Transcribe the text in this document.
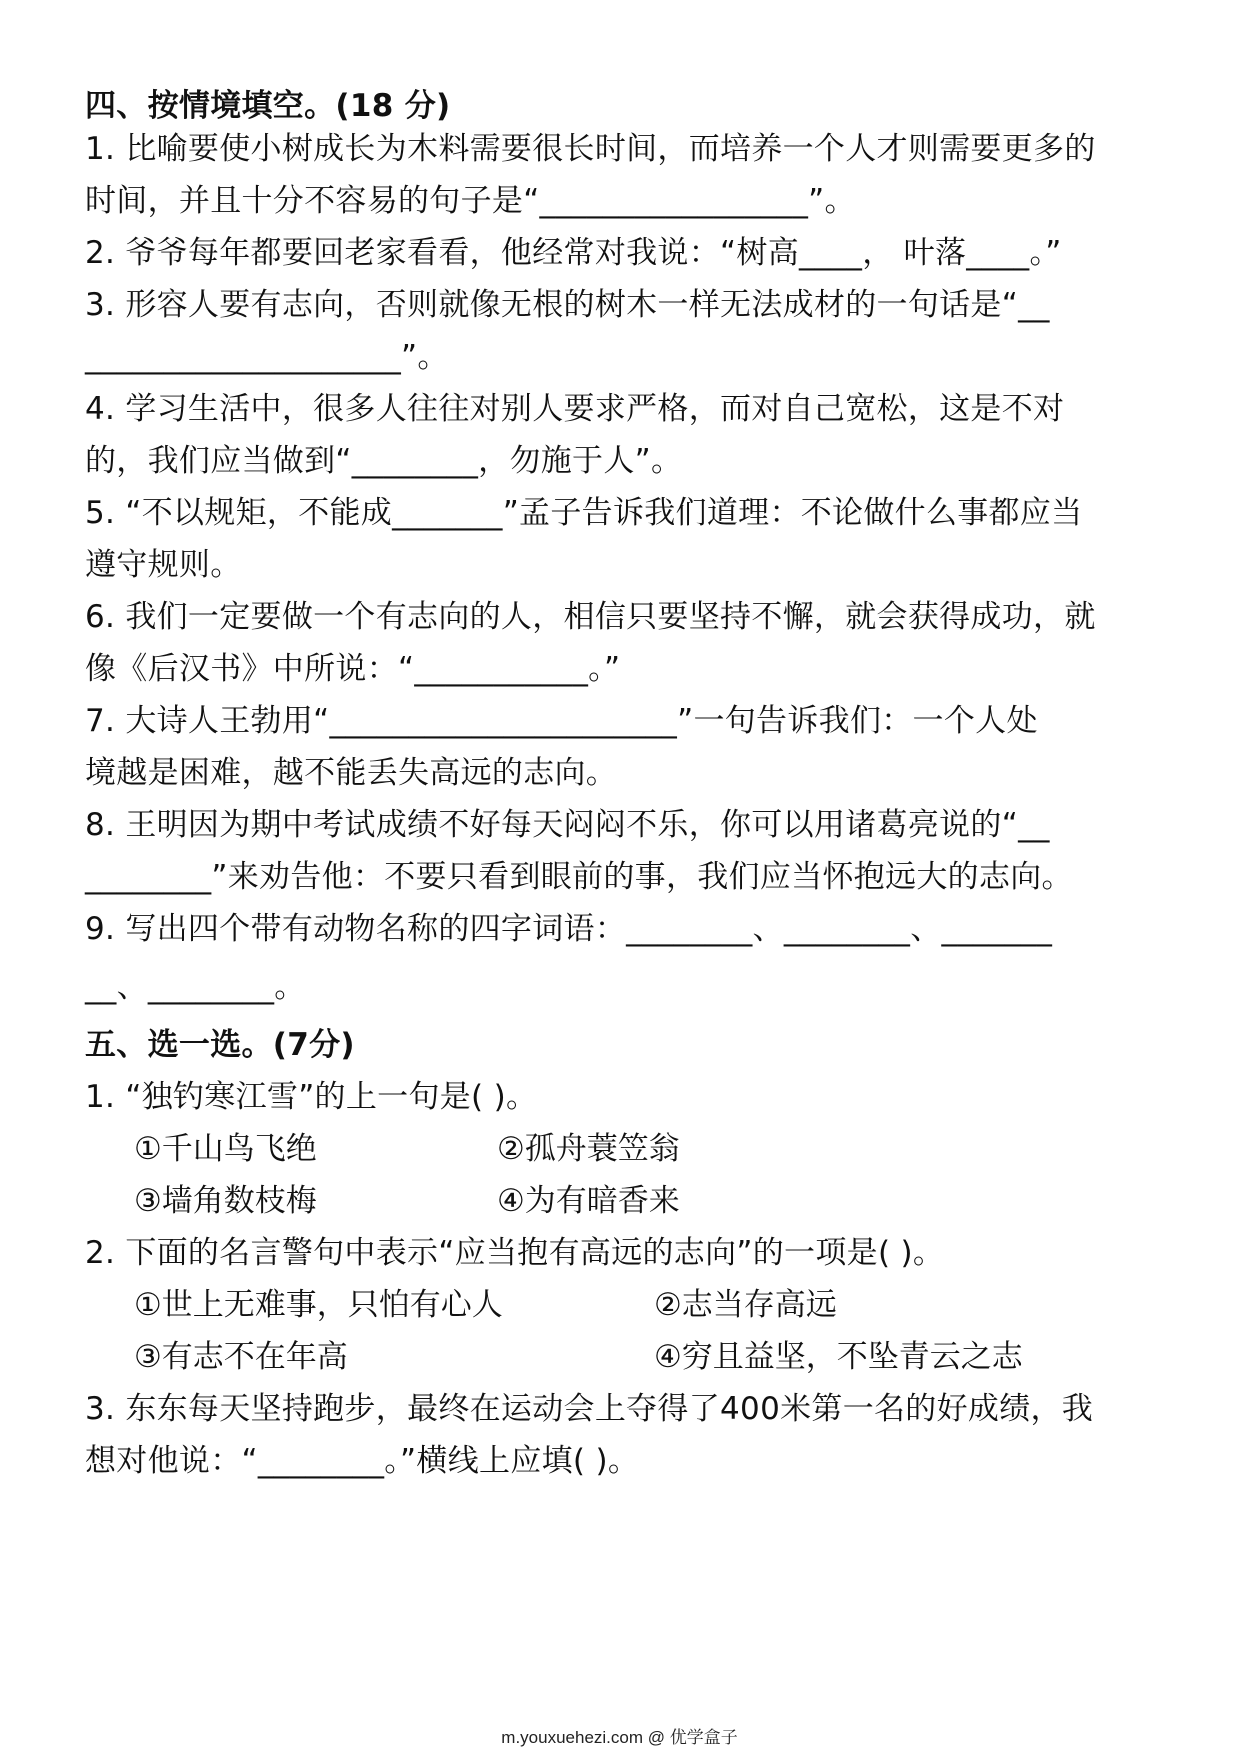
四、按情境填空。(18 分)
1. 比喻要使小树成长为木料需要很长时间，而培养一个人才则需要更多的
时间，并且十分不容易的句子是“_________________”。
2. 爷爷每年都要回老家看看，他经常对我说：“树高____， 叶落____。”
3. 形容人要有志向，否则就像无根的树木一样无法成材的一句话是“__
____________________”。
4. 学习生活中，很多人往往对别人要求严格，而对自己宽松，这是不对
的，我们应当做到“________，勿施于人”。
5. “不以规矩，不能成_______”孟子告诉我们道理：不论做什么事都应当
遵守规则。
6. 我们一定要做一个有志向的人，相信只要坚持不懈，就会获得成功，就
像《后汉书》中所说：“___________。”
7. 大诗人王勃用“______________________”一句告诉我们：一个人处
境越是困难，越不能丢失高远的志向。
8. 王明因为期中考试成绩不好每天闷闷不乐，你可以用诸葛亮说的“__
________”来劝告他：不要只看到眼前的事，我们应当怀抱远大的志向。
9. 写出四个带有动物名称的四字词语：________、________、_______
__、________。
五、选一选。(7分)
1. “独钓寒江雪”的上一句是( )。
①千山鸟飞绝	②孤舟蓑笠翁
③墙角数枝梅	④为有暗香来
2. 下面的名言警句中表示“应当抱有高远的志向”的一项是( )。
①世上无难事，只怕有心人	②志当存高远
③有志不在年高	④穷且益坚，不坠青云之志
3. 东东每天坚持跑步，最终在运动会上夺得了400米第一名的好成绩，我
想对他说：“________。”横线上应填( )。
m.youxuehezi.com @ 优学盒子
